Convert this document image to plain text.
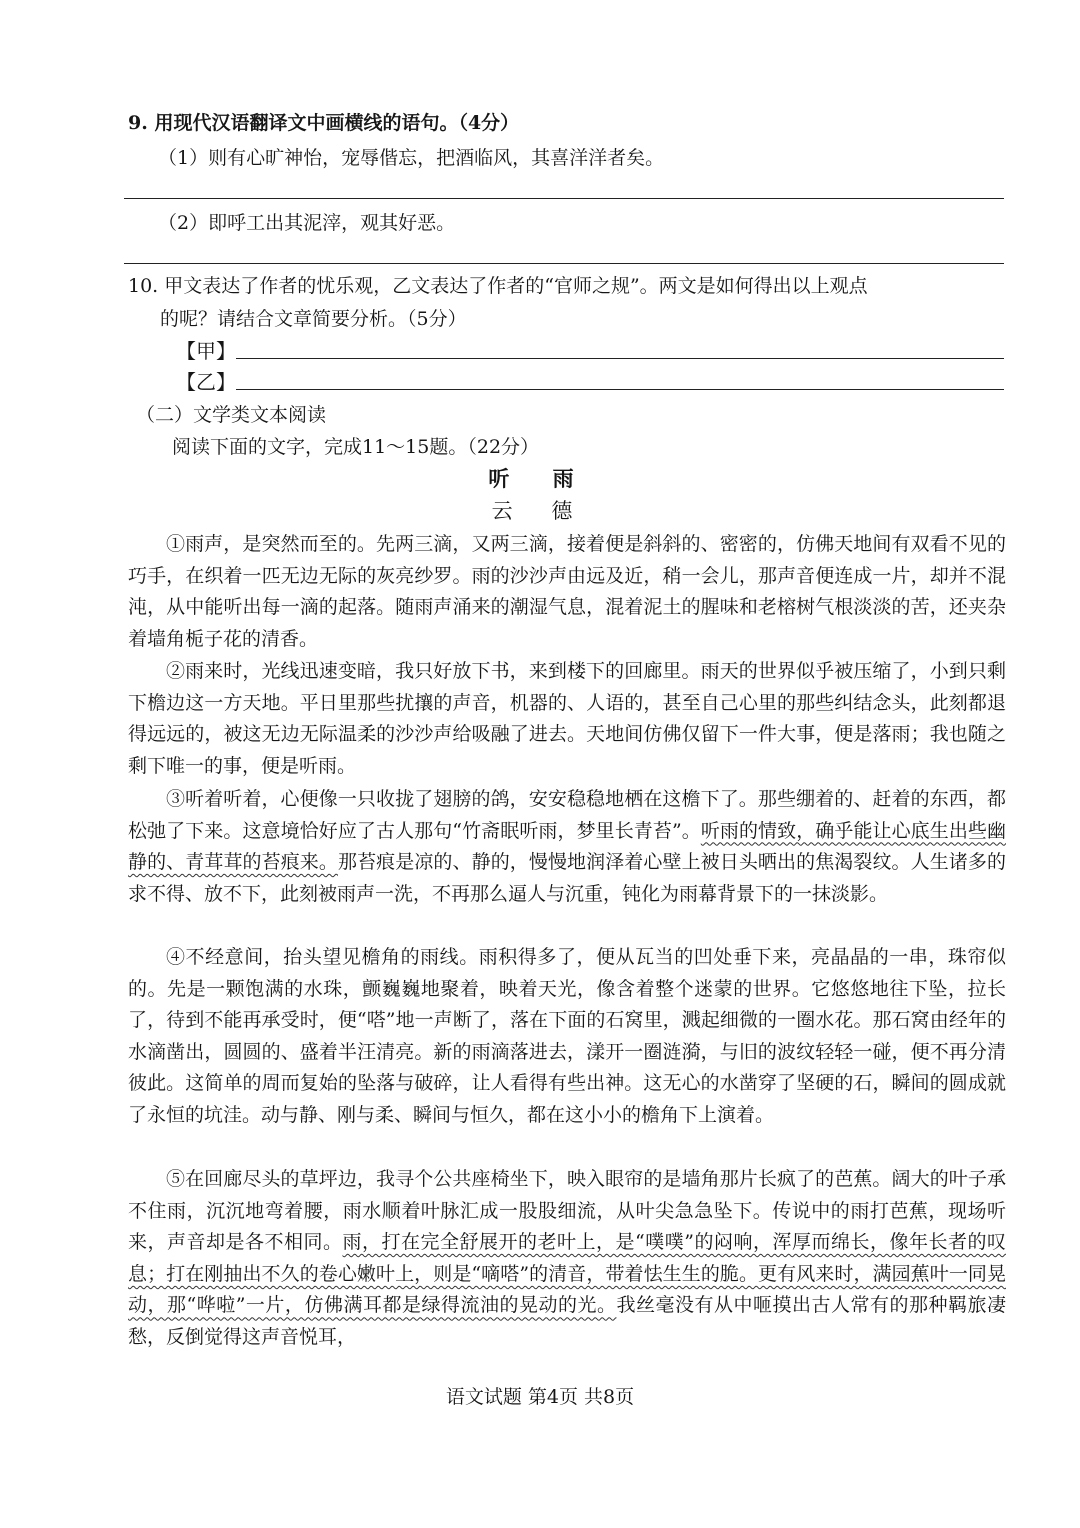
9. 用现代汉语翻译文中画横线的语句。（4分）
（1）则有心旷神怡，宠辱偕忘，把酒临风，其喜洋洋者矣。
（2）即呼工出其泥滓，观其好恶。
10. 甲文表达了作者的忧乐观，乙文表达了作者的“官师之规”。两文是如何得出以上观点
的呢？请结合文章简要分析。（5分）
【甲】
【乙】
（二）文学类文本阅读
阅读下面的文字，完成11～15题。（22分）
听 雨
云 德
①雨声，是突然而至的。先两三滴，又两三滴，接着便是斜斜的、密密的，仿佛天地间有双看不见的巧手，在织着一匹无边无际的灰亮纱罗。雨的沙沙声由远及近，稍一会儿，那声音便连成一片，却并不混沌，从中能听出每一滴的起落。随雨声涌来的潮湿气息，混着泥土的腥味和老榕树气根淡淡的苦，还夹杂着墙角栀子花的清香。
②雨来时，光线迅速变暗，我只好放下书，来到楼下的回廊里。雨天的世界似乎被压缩了，小到只剩下檐边这一方天地。平日里那些扰攘的声音，机器的、人语的，甚至自己心里的那些纠结念头，此刻都退得远远的，被这无边无际温柔的沙沙声给吸融了进去。天地间仿佛仅留下一件大事，便是落雨；我也随之剩下唯一的事，便是听雨。
③听着听着，心便像一只收拢了翅膀的鸽，安安稳稳地栖在这檐下了。那些绷着的、赶着的东西，都松弛了下来。这意境恰好应了古人那句“竹斋眠听雨，梦里长青苔”。听雨的情致，确乎能让心底生出些幽静的、青茸茸的苔痕来。那苔痕是凉的、静的，慢慢地润泽着心壁上被日头晒出的焦渴裂纹。人生诸多的求不得、放不下，此刻被雨声一洗，不再那么逼人与沉重，钝化为雨幕背景下的一抹淡影。
④不经意间，抬头望见檐角的雨线。雨积得多了，便从瓦当的凹处垂下来，亮晶晶的一串，珠帘似的。先是一颗饱满的水珠，颤巍巍地聚着，映着天光，像含着整个迷蒙的世界。它悠悠地往下坠，拉长了，待到不能再承受时，便“嗒”地一声断了，落在下面的石窝里，溅起细微的一圈水花。那石窝由经年的水滴凿出，圆圆的、盛着半汪清亮。新的雨滴落进去，漾开一圈涟漪，与旧的波纹轻轻一碰，便不再分清彼此。这简单的周而复始的坠落与破碎，让人看得有些出神。这无心的水凿穿了坚硬的石，瞬间的圆成就了永恒的坑洼。动与静、刚与柔、瞬间与恒久，都在这小小的檐角下上演着。
⑤在回廊尽头的草坪边，我寻个公共座椅坐下，映入眼帘的是墙角那片长疯了的芭蕉。阔大的叶子承不住雨，沉沉地弯着腰，雨水顺着叶脉汇成一股股细流，从叶尖急急坠下。传说中的雨打芭蕉，现场听来，声音却是各不相同。雨，打在完全舒展开的老叶上，是“噗噗”的闷响，浑厚而绵长，像年长者的叹息；打在刚抽出不久的卷心嫩叶上，则是“嘀嗒”的清音，带着怯生生的脆。更有风来时，满园蕉叶一同晃动，那“哗啦”一片，仿佛满耳都是绿得流油的晃动的光。我丝毫没有从中咂摸出古人常有的那种羁旅凄愁，反倒觉得这声音悦耳，
语文试题 第4页 共8页
